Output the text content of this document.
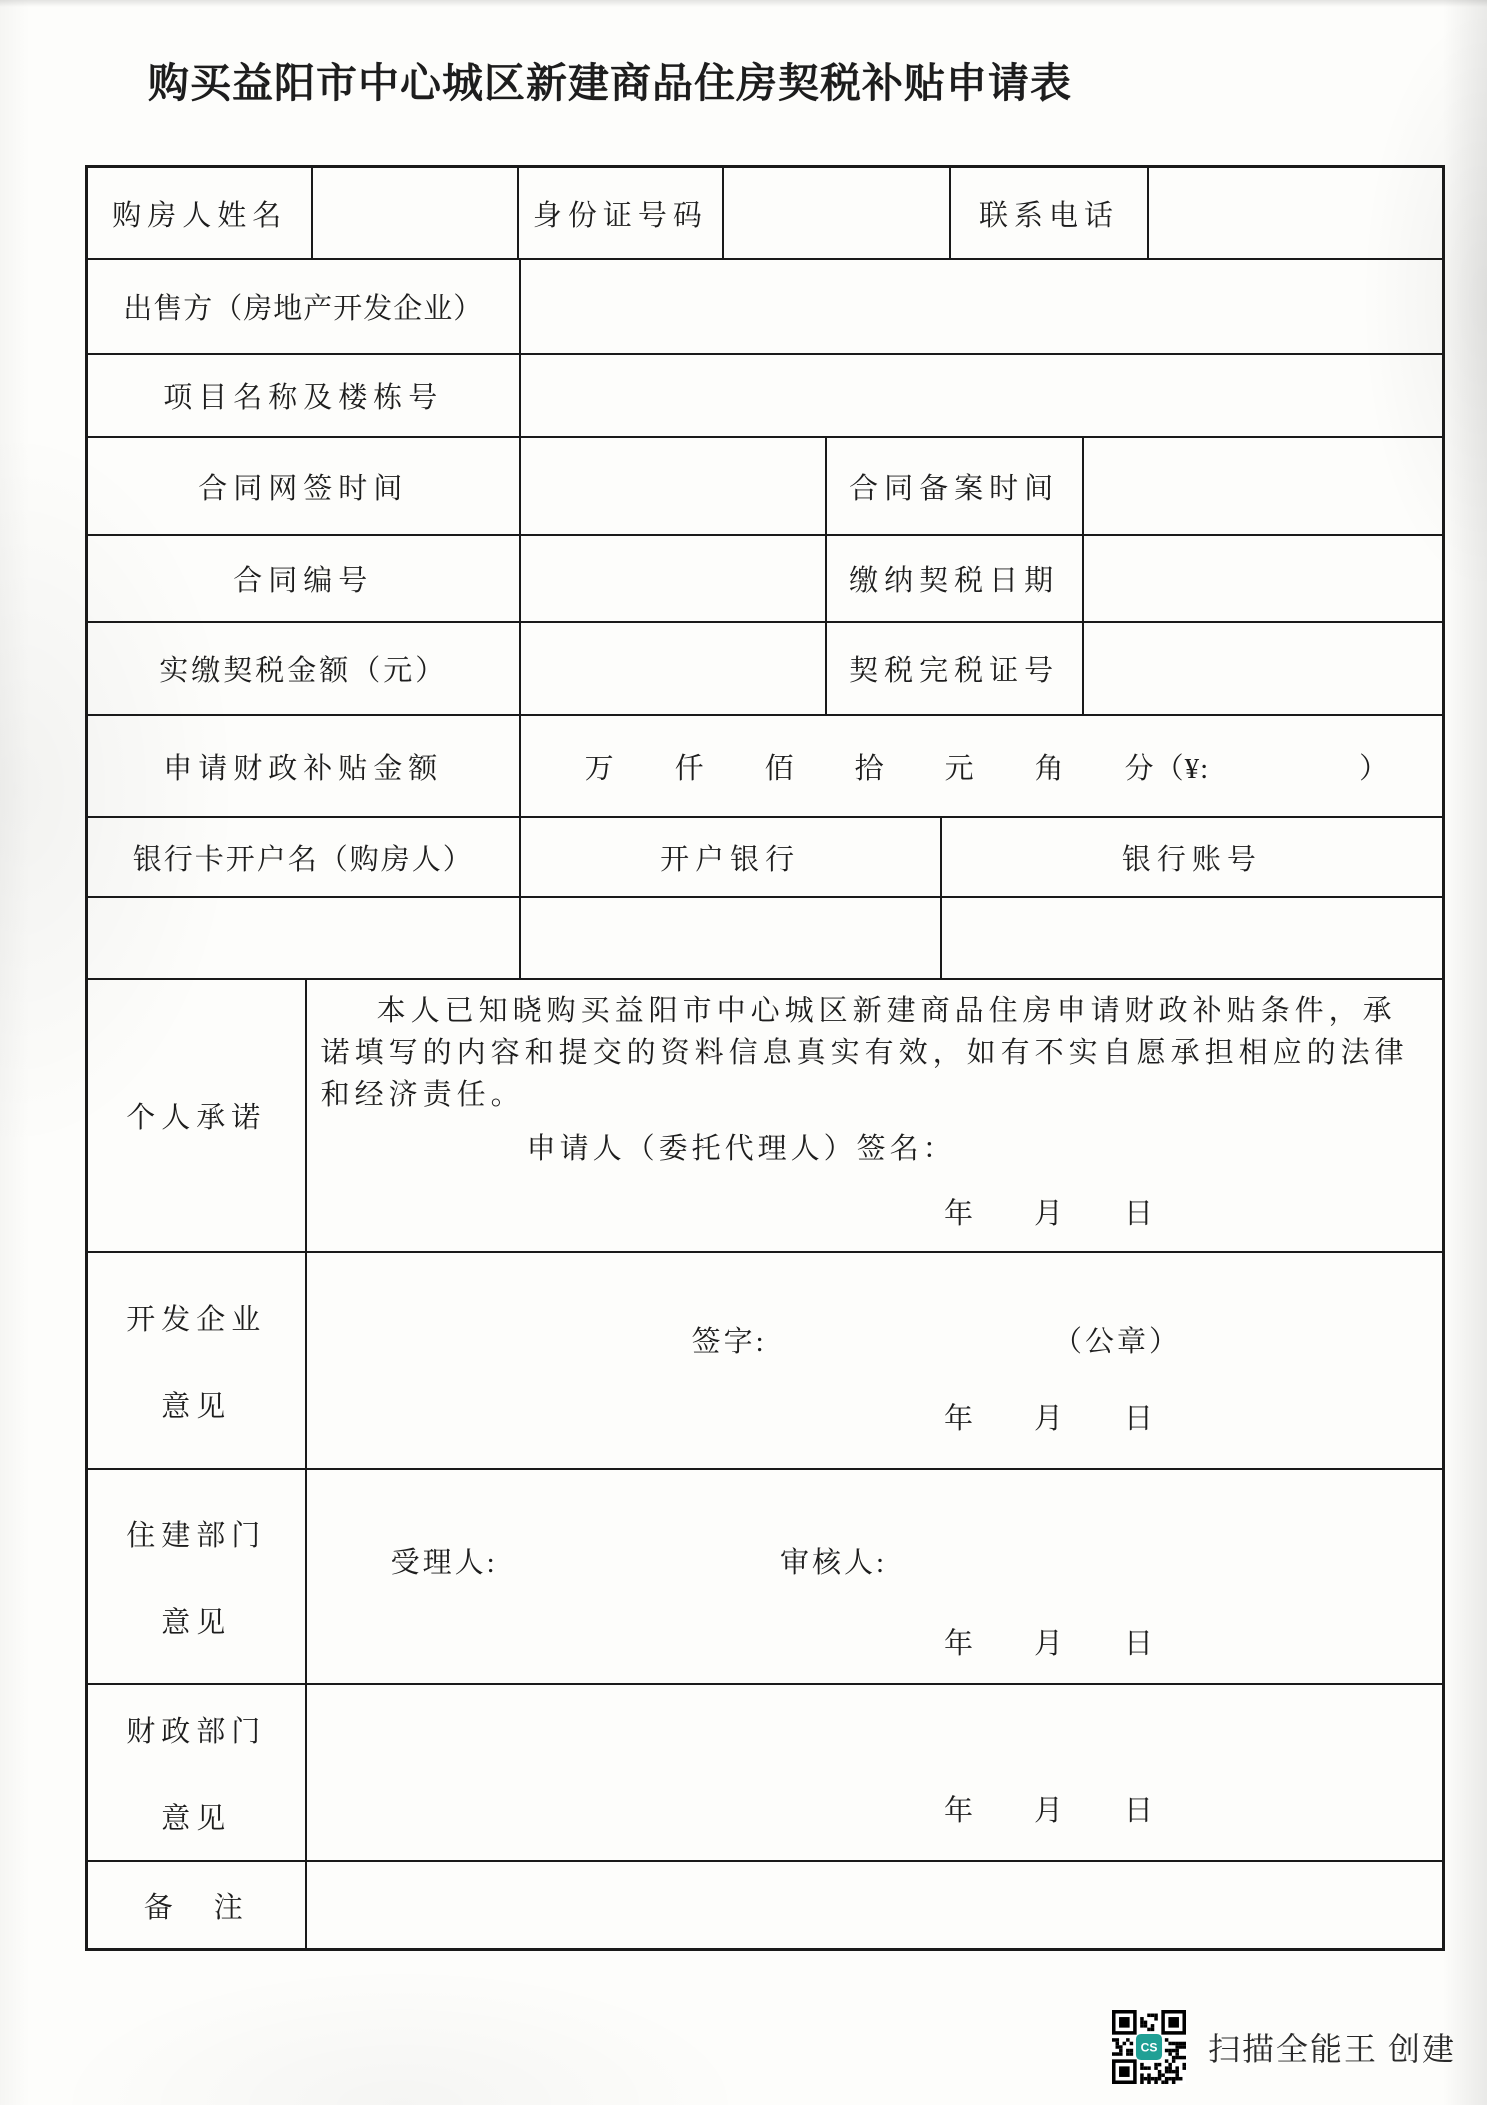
购买益阳市中心城区新建商品住房契税补贴申请表
购房人姓名	身份证号码	联系电话
出售方（房地产开发企业）
项目名称及楼栋号
合同网签时间	合同备案时间
合同编号	缴纳契税日期
实缴契税金额（元）	契税完税证号
申请财政补贴金额	万　　仟　　佰　　拾　　元　　角　　分（¥:　　　　　）
银行卡开户名（购房人）	开户银行	银行账号
个人承诺
本人已知晓购买益阳市中心城区新建商品住房申请财政补贴条件，承
诺填写的内容和提交的资料信息真实有效，如有不实自愿承担相应的法律
和经济责任。
申请人（委托代理人）签名：
年　　月　　日
开发企业
意见
签字:	（公章）
年　　月　　日
住建部门
意见
受理人:	审核人:
年　　月　　日
财政部门
意见	年　　月　　日
备　注
CS 扫描全能王 创建
